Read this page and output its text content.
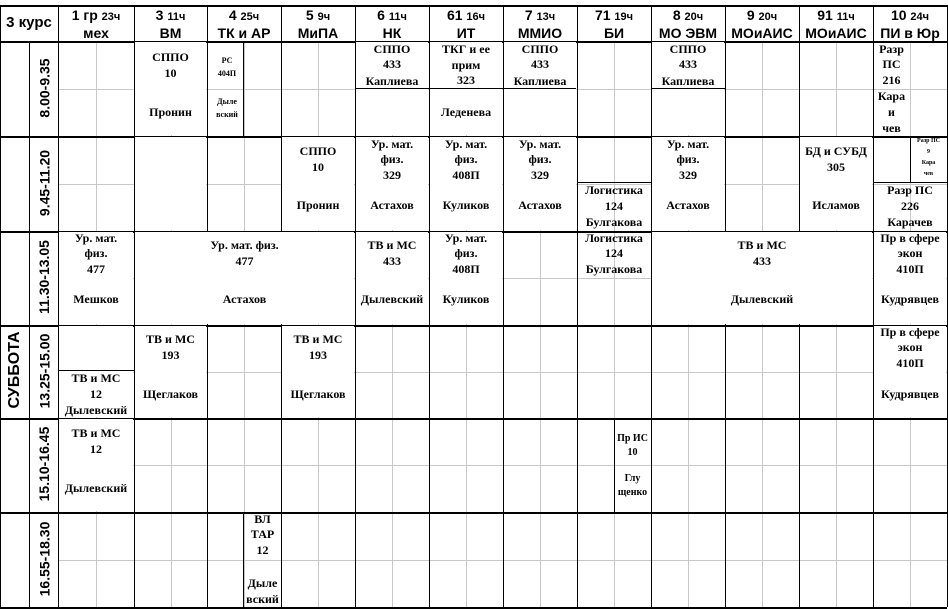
3 курс	1 гр 23ч
мех
3 11ч
ВМ
4 25ч
ТК и АР
5 9ч
МиПА
6 11ч
НК
61 16ч
ИТ
7 13ч
ММИО
71 19ч
БИ
8 20ч
МО ЭВМ
9 20ч
МОиАИС
91 11ч
МОиАИС
10 24ч
ПИ в Юр
СУББОТА
8.00-9.35
9.45-11.20
11.30-13.05
13.25-15.00
15.10-16.45
16.55-18.30
СППО
10
Пронин
РС
404П
Дыле
вский
СППО
433
Каплиева
ТКГ и ее
прим
323
Леденева
СППО
433
Каплиева
СППО
433
Каплиева
Разр
ПС
216
Кара
и
чев
СППО
10
Пронин
Ур. мат.
физ.
329
Астахов
Ур. мат.
физ.
408П
Куликов
Ур. мат.
физ.
329
Астахов
Логистика
124
Булгакова
Ур. мат.
физ.
329
Астахов
БД и СУБД
305
Исламов
Разр ПС
9
Кара
чев
Разр ПС
226
Карачев
Ур. мат.
физ.
477
Мешков
Ур. мат. физ.
477
Астахов
ТВ и МС
433
Дылевский
Ур. мат.
физ.
408П
Куликов
Логистика
124
Булгакова
ТВ и МС
433
Дылевский
Пр в сфере
экон
410П
Кудрявцев
ТВ и МС
12
Дылевский
ТВ и МС
193
Щеглаков
ТВ и МС
193
Щеглаков
Пр в сфере
экон
410П
Кудрявцев
ТВ и МС
12
Дылевский
Пр ИС
10
Глу
щенко
ВЛ
ТАР
12
Дыле
вский
